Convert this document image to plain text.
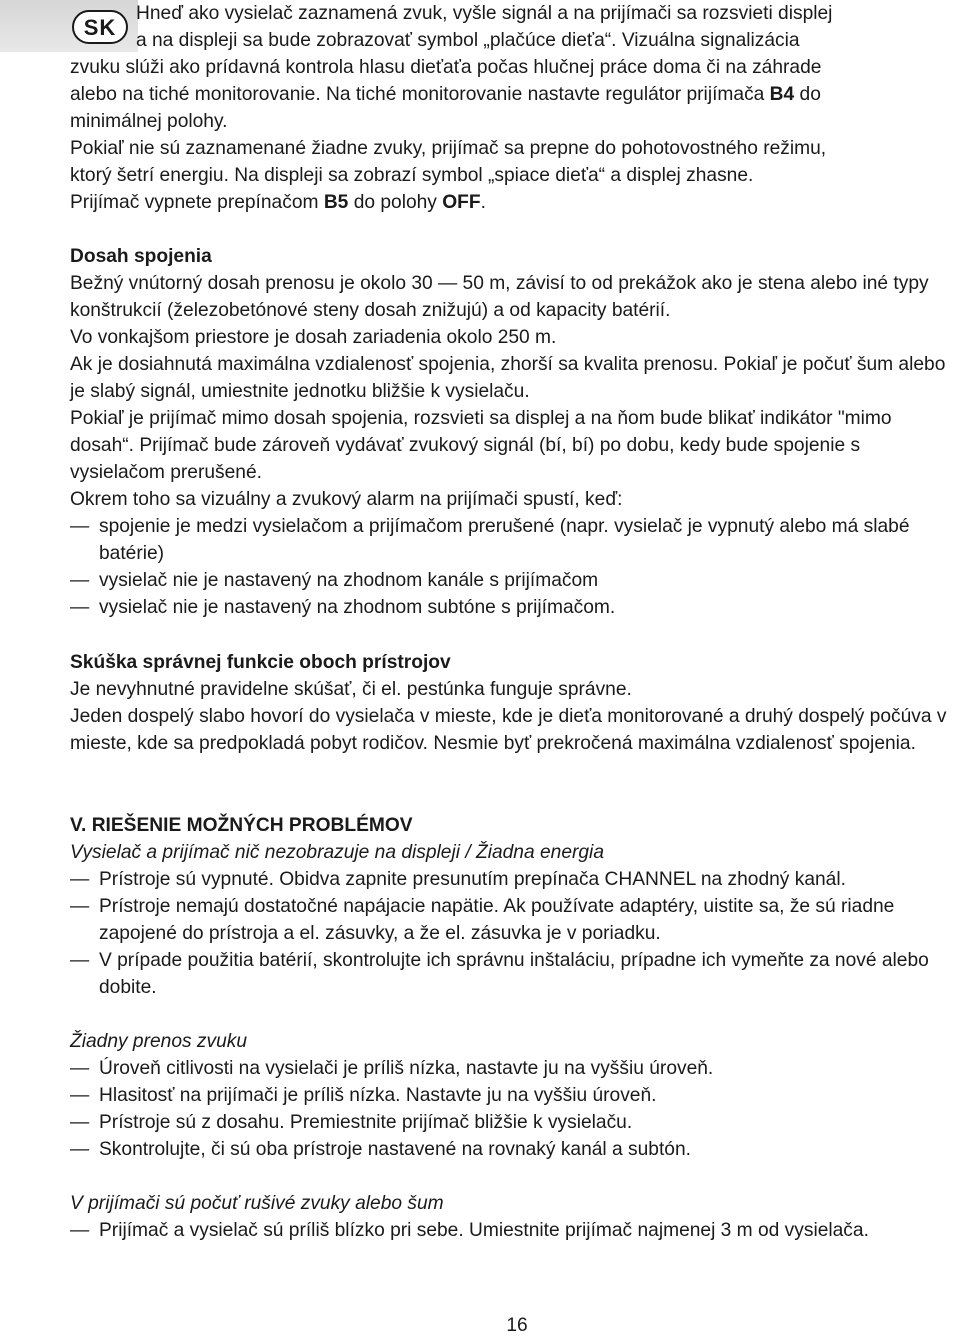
SK

Hneď ako vysielač zaznamená zvuk, vyšle signál a na prijímači sa rozsvieti displej

a na displeji sa bude zobrazovať symbol „plačúce dieťa“. Vizuálna signalizácia

zvuku slúži ako prídavná kontrola hlasu dieťaťa počas hlučnej práce doma či na záhrade

alebo na tiché monitorovanie. Na tiché monitorovanie nastavte regulátor prijímača B4 do

minimálnej polohy.

Pokiaľ nie sú zaznamenané žiadne zvuky, prijímač sa prepne do pohotovostného režimu,

ktorý šetrí energiu. Na displeji sa zobrazí symbol „spiace dieťa“ a displej zhasne.

Prijímač vypnete prepínačom B5 do polohy OFF.

Dosah spojenia

Bežný vnútorný dosah prenosu je okolo 30 — 50 m, závisí to od prekážok ako je stena alebo iné typy konštrukcií (železobetónové steny dosah znižujú) a od kapacity batérií.

Vo vonkajšom priestore je dosah zariadenia okolo 250 m.

Ak je dosiahnutá maximálna vzdialenosť spojenia, zhorší sa kvalita prenosu. Pokiaľ je počuť šum alebo je slabý signál, umiestnite jednotku bližšie k vysielaču.

Pokiaľ je prijímač mimo dosah spojenia, rozsvieti sa displej a na ňom bude blikať indikátor "mimo dosah“. Prijímač bude zároveň vydávať zvukový signál (bí, bí) po dobu, kedy bude spojenie s vysielačom prerušené.

Okrem toho sa vizuálny a zvukový alarm na prijímači spustí, keď:

— spojenie je medzi vysielačom a prijímačom prerušené (napr. vysielač je vypnutý alebo má slabé batérie)
— vysielač nie je nastavený na zhodnom kanále s prijímačom
— vysielač nie je nastavený na zhodnom subtóne s prijímačom.

Skúška správnej funkcie oboch prístrojov

Je nevyhnutné pravidelne skúšať, či el. pestúnka funguje správne.

Jeden dospelý slabo hovorí do vysielača v mieste, kde je dieťa monitorované a druhý dospelý počúva v mieste, kde sa predpokladá pobyt rodičov. Nesmie byť prekročená maximálna vzdialenosť spojenia.

V. RIEŠENIE MOŽNÝCH PROBLÉMOV

Vysielač a prijímač nič nezobrazuje na displeji / Žiadna energia

— Prístroje sú vypnuté. Obidva zapnite presunutím prepínača CHANNEL na zhodný kanál.
— Prístroje nemajú dostatočné napájacie napätie. Ak používate adaptéry, uistite sa, že sú riadne zapojené do prístroja a el. zásuvky, a že el. zásuvka je v poriadku.
— V prípade použitia batérií, skontrolujte ich správnu inštaláciu, prípadne ich vymeňte za nové alebo dobite.

Žiadny prenos zvuku

— Úroveň citlivosti na vysielači je príliš nízka, nastavte ju na vyššiu úroveň.
— Hlasitosť na prijímači je príliš nízka. Nastavte ju na vyššiu úroveň.
— Prístroje sú z dosahu. Premiestnite prijímač bližšie k vysielaču.
— Skontrolujte, či sú oba prístroje nastavené na rovnaký kanál a subtón.

V prijímači sú počuť rušivé zvuky alebo šum

— Prijímač a vysielač sú príliš blízko pri sebe. Umiestnite prijímač najmenej 3 m od vysielača.
16
